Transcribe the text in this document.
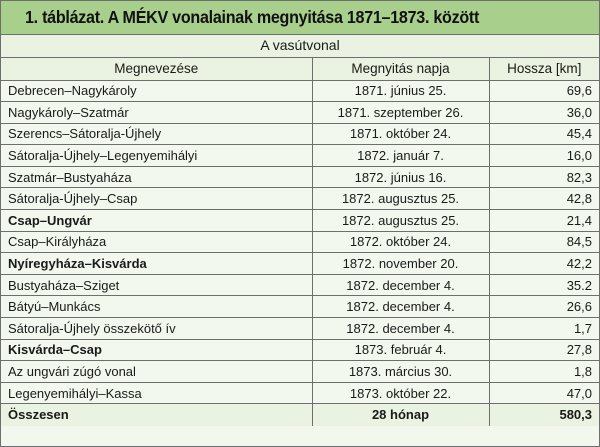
1. táblázat. A MÉKV vonalainak megnyitása 1871–1873. között
A vasútvonal		
Megnevezése	Megnyitás napja	Hossza [km]
Debrecen–Nagykároly	1871. június 25.	69,6
Nagykároly–Szatmár	1871. szeptember 26.	36,0
Szerencs–Sátoralja-Újhely	1871. október 24.	45,4
Sátoralja-Újhely–Legenyemihályi	1872. január 7.	16,0
Szatmár–Bustyaháza	1872. június 16.	82,3
Sátoralja-Újhely–Csap	1872. augusztus 25.	42,8
Csap–Ungvár	1872. augusztus 25.	21,4
Csap–Királyháza	1872. október 24.	84,5
Nyíregyháza–Kisvárda	1872. november 20.	42,2
Bustyaháza–Sziget	1872. december 4.	35.2
Bátyú–Munkács	1872. december 4.	26,6
Sátoralja-Újhely összekötő ív	1872. december 4.	1,7
Kisvárda–Csap	1873. február 4.	27,8
Az ungvári zúgó vonal	1873. március 30.	1,8
Legenyemihályi–Kassa	1873. október 22.	47,0
Összesen	28 hónap	580,3
